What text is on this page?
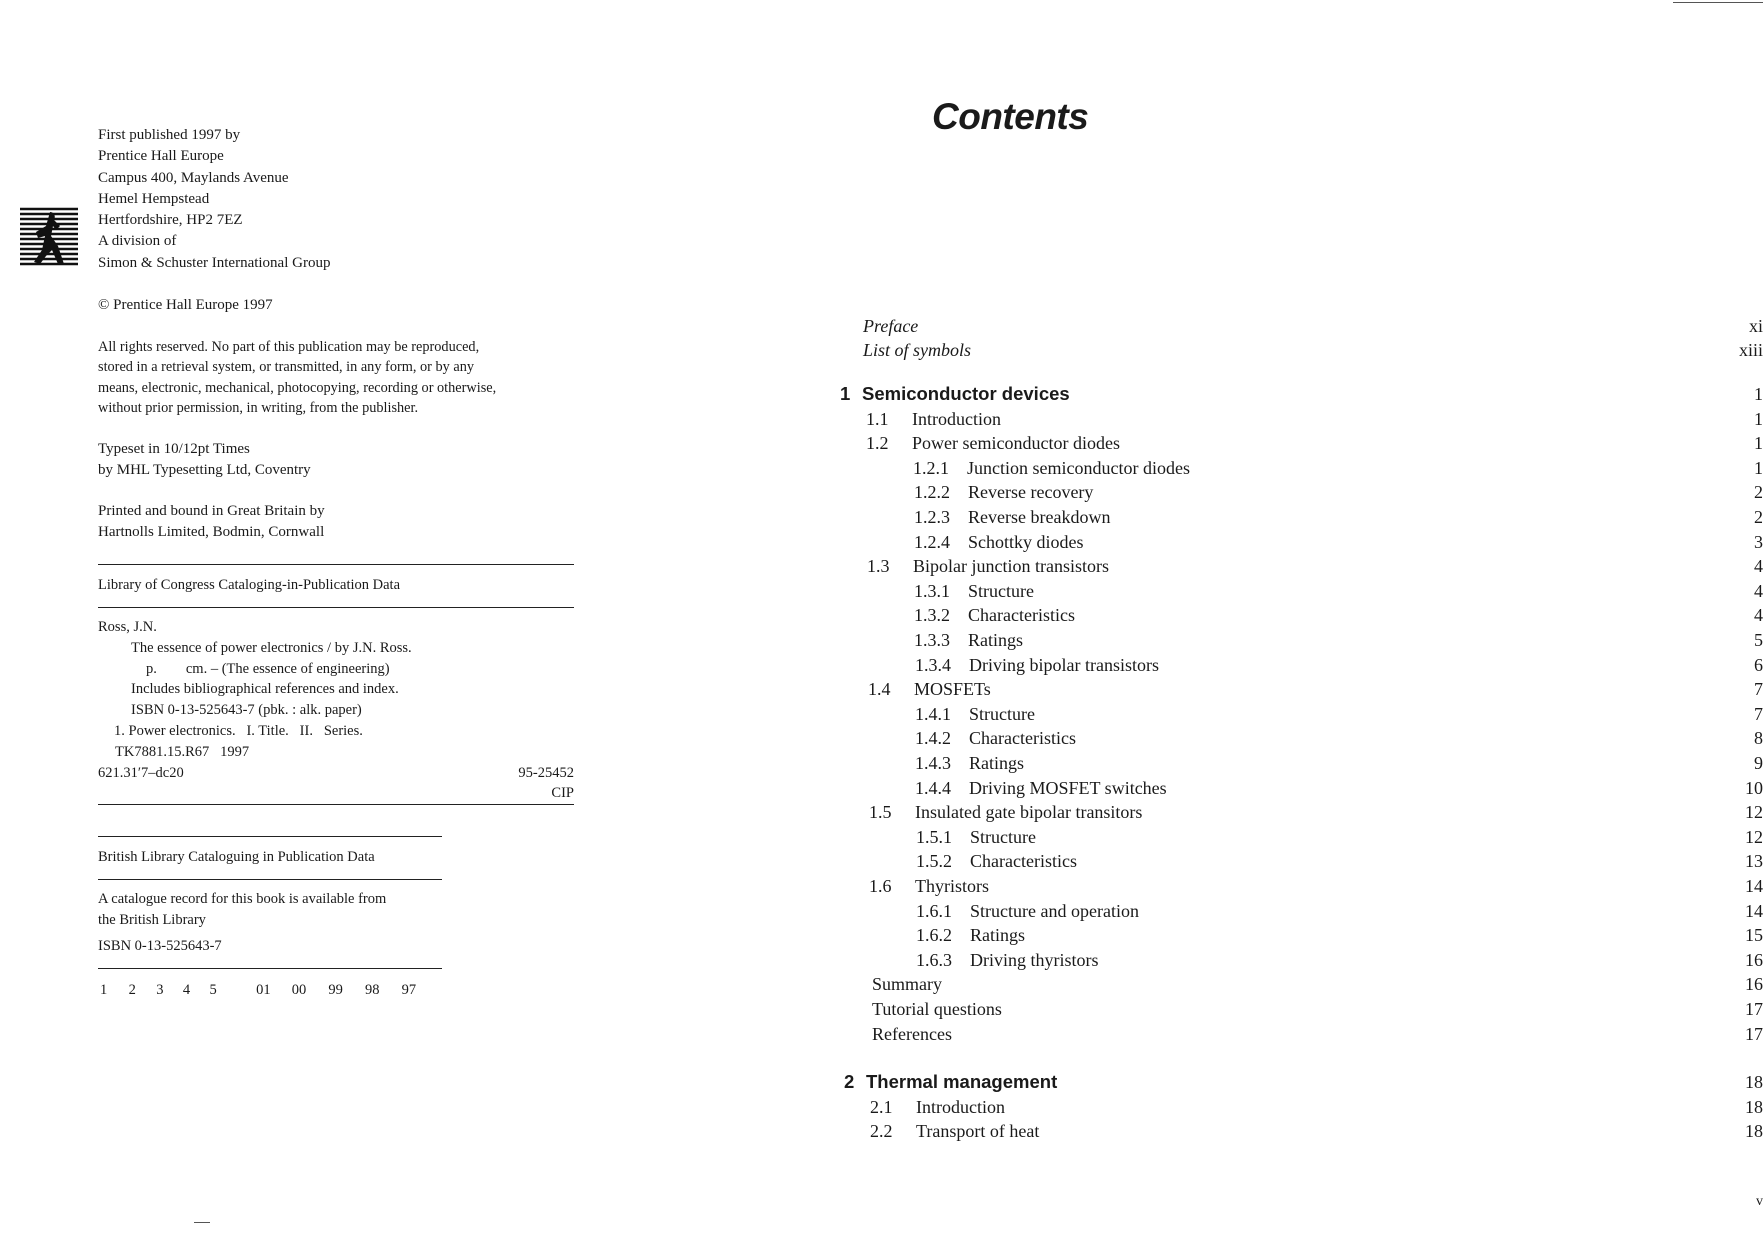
First published 1997 by

Prentice Hall Europe

Campus 400, Maylands Avenue

Hemel Hempstead

Hertfordshire, HP2 7EZ

A division of

Simon & Schuster International Group

© Prentice Hall Europe 1997

All rights reserved. No part of this publication may be reproduced,

stored in a retrieval system, or transmitted, in any form, or by any

means, electronic, mechanical, photocopying, recording or otherwise,

without prior permission, in writing, from the publisher.

Typeset in 10/12pt Times

by MHL Typesetting Ltd, Coventry

Printed and bound in Great Britain by

Hartnolls Limited, Bodmin, Cornwall

Library of Congress Cataloging-in-Publication Data

Ross, J.N.

The essence of power electronics / by J.N. Ross.

p.        cm. – (The essence of engineering)

Includes bibliographical references and index.

ISBN 0-13-525643-7 (pbk. : alk. paper)

1. Power electronics.   I. Title.   II.   Series.

TK7881.15.R67   1997

621.31′7–dc20	95-25452

CIP

British Library Cataloguing in Publication Data

A catalogue record for this book is available from

the British Library

ISBN 0-13-525643-7

1 2 3 4 5	01 00 99 98 97
Contents
Preface	xi
List of symbols	xiii
1 Semiconductor devices	1
1.1 Introduction	1
1.2 Power semiconductor diodes	1
1.2.1 Junction semiconductor diodes	1
1.2.2 Reverse recovery	2
1.2.3 Reverse breakdown	2
1.2.4 Schottky diodes	3
1.3 Bipolar junction transistors	4
1.3.1 Structure	4
1.3.2 Characteristics	4
1.3.3 Ratings	5
1.3.4 Driving bipolar transistors	6
1.4 MOSFETs	7
1.4.1 Structure	7
1.4.2 Characteristics	8
1.4.3 Ratings	9
1.4.4 Driving MOSFET switches	10
1.5 Insulated gate bipolar transitors	12
1.5.1 Structure	12
1.5.2 Characteristics	13
1.6 Thyristors	14
1.6.1 Structure and operation	14
1.6.2 Ratings	15
1.6.3 Driving thyristors	16
Summary	16
Tutorial questions	17
References	17
2 Thermal management	18
2.1 Introduction	18
2.2 Transport of heat	18
v
